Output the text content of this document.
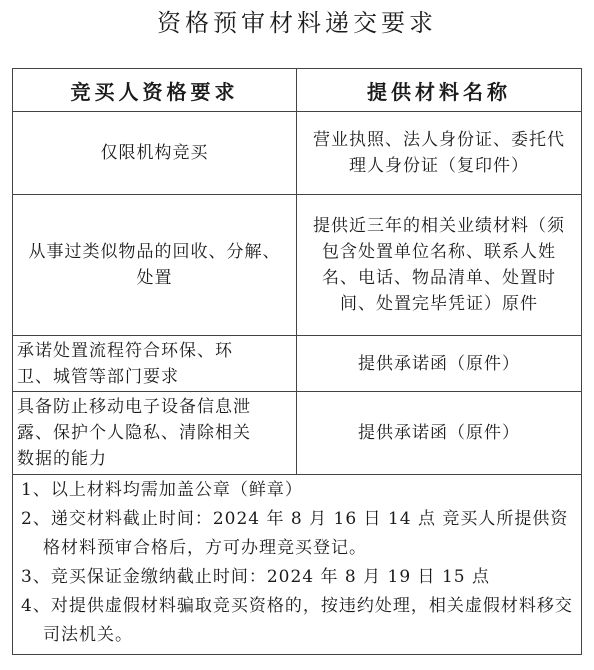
资格预审材料递交要求
竞买人资格要求	提供材料名称

仅限机构竞买	营业执照、法人身份证、委托代理人身份证（复印件）

从事过类似物品的回收、分解、处置	提供近三年的相关业绩材料（须包含处置单位名称、联系人姓名、电话、物品清单、处置时间、处置完毕凭证）原件

承诺处置流程符合环保、环卫、城管等部门要求	提供承诺函（原件）

具备防止移动电子设备信息泄露、保护个人隐私、清除相关数据的能力	提供承诺函（原件）

1、以上材料均需加盖公章（鲜章）
2、递交材料截止时间：2024 年 8 月 16 日 14 点 竞买人所提供资格材料预审合格后，方可办理竞买登记。
3、竞买保证金缴纳截止时间：2024 年 8 月 19 日 15 点
4、对提供虚假材料骗取竞买资格的，按违约处理，相关虚假材料移交司法机关。	
